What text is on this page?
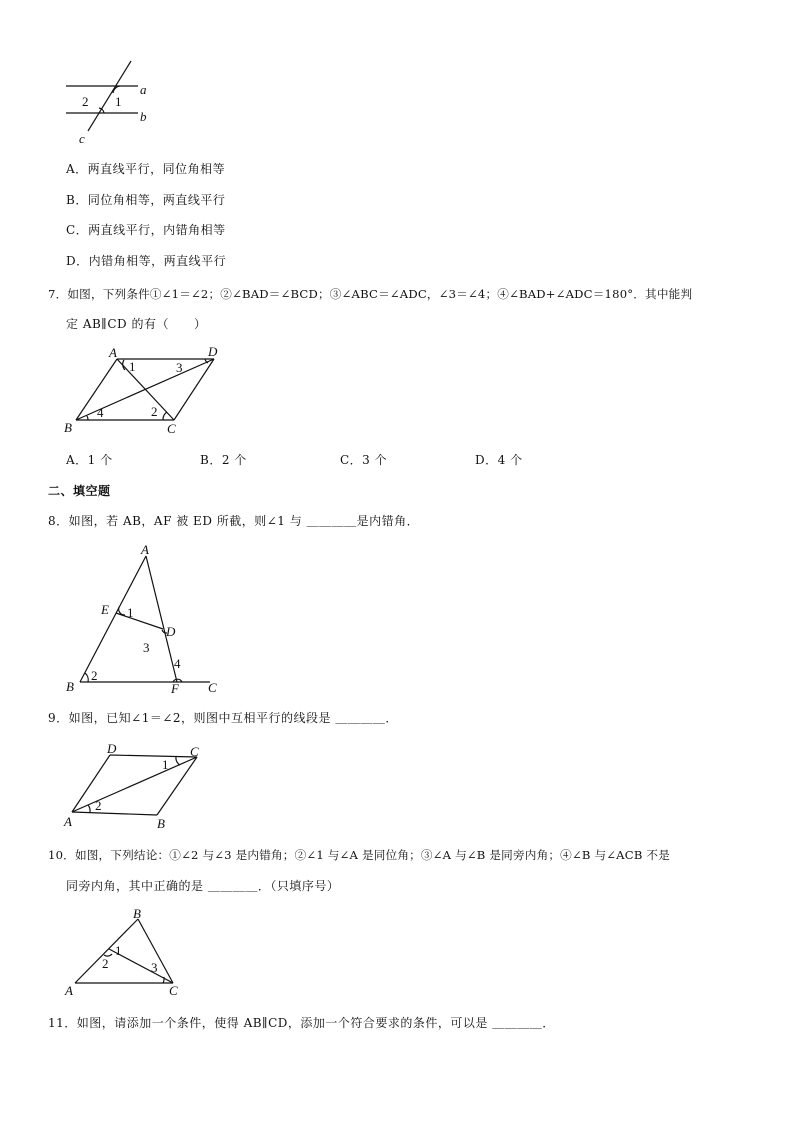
a
b
c
1
2
A．两直线平行，同位角相等
B．同位角相等，两直线平行
C．两直线平行，内错角相等
D．内错角相等，两直线平行
7．如图，下列条件①∠1＝∠2；②∠BAD＝∠BCD；③∠ABC＝∠ADC，∠3＝∠4；④∠BAD+∠ADC＝180°．其中能判
定 AB∥CD 的有（　　）
A	D
B	C
1	3
4	2
A．1 个	B．2 个	C．3 个	D．4 个
二、填空题
8．如图，若 AB，AF 被 ED 所截，则∠1 与 ＿＿＿＿是内错角．
A
E
D
B	F C
1
3
4
2
9．如图，已知∠1＝∠2，则图中互相平行的线段是 ＿＿＿＿．
D	C
A	B
1
2
10．如图，下列结论：①∠2 与∠3 是内错角；②∠1 与∠A 是同位角；③∠A 与∠B 是同旁内角；④∠B 与∠ACB 不是
同旁内角，其中正确的是 ＿＿＿＿．（只填序号）
B
A	C
1
2	3
11．如图，请添加一个条件，使得 AB∥CD，添加一个符合要求的条件，可以是 ＿＿＿＿．
